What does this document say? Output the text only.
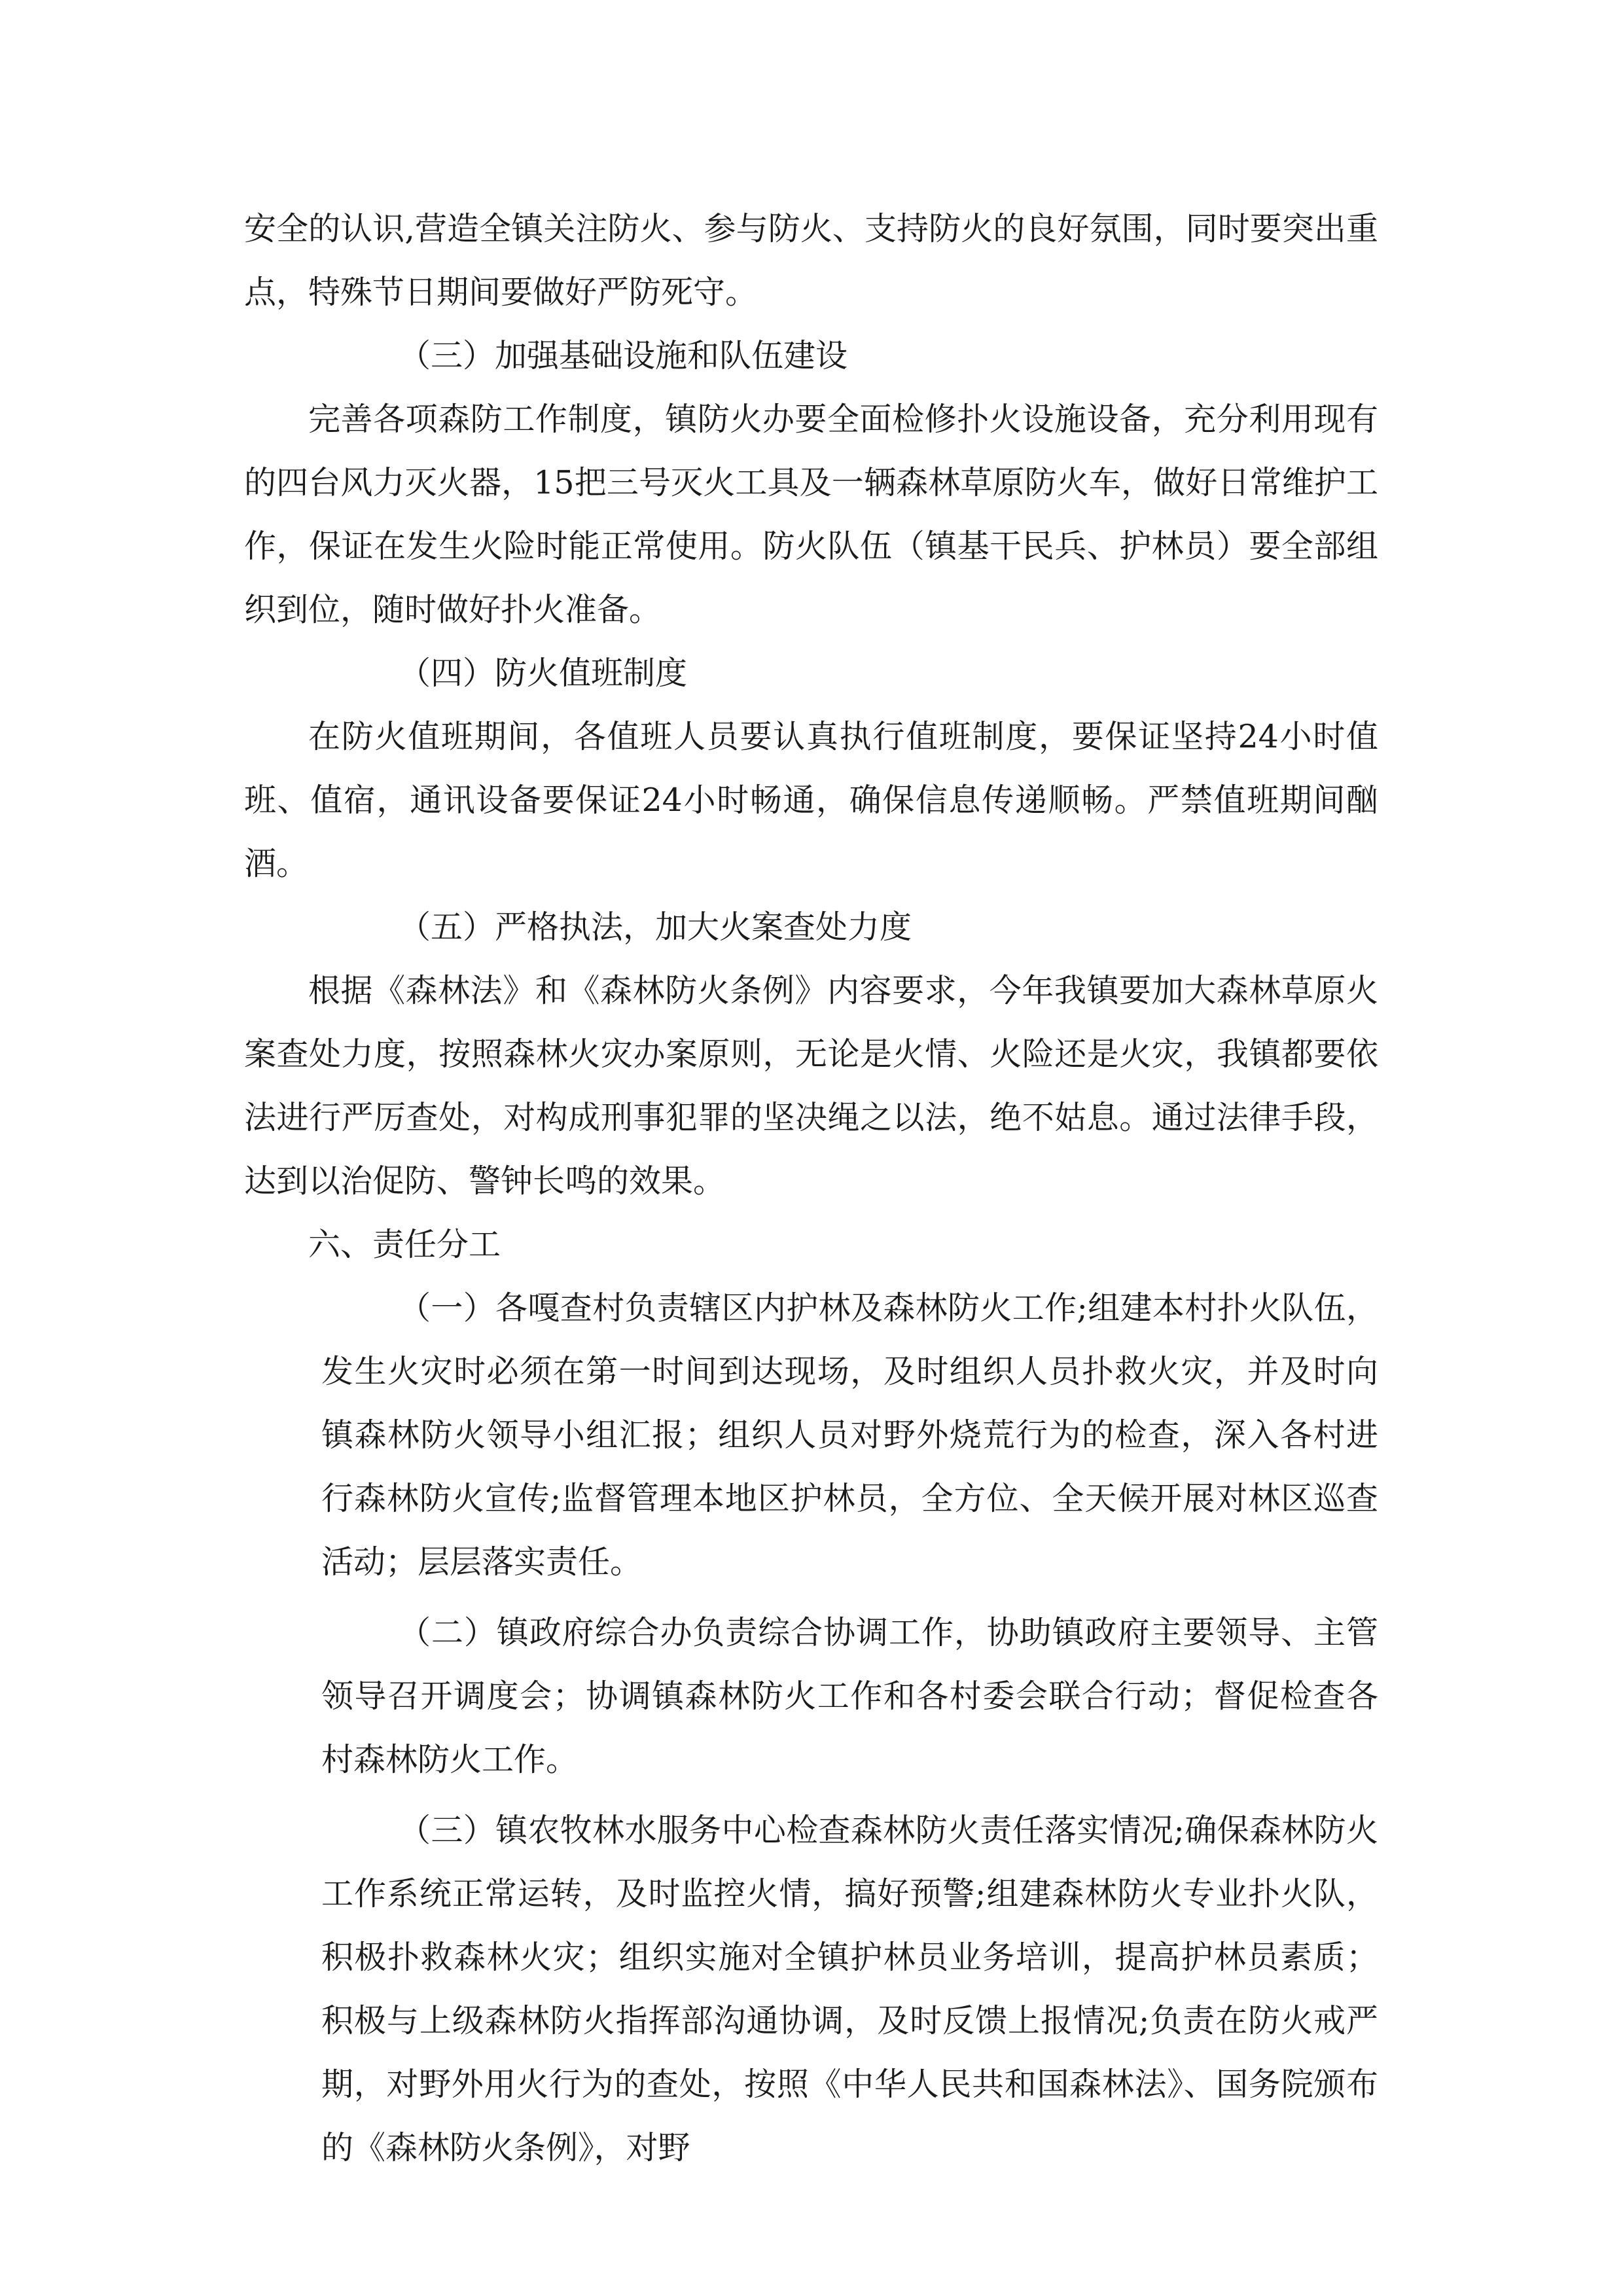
安全的认识,营造全镇关注防火、参与防火、支持防火的良好氛围，同时要突出重点，特殊节日期间要做好严防死守。

（三）加强基础设施和队伍建设

完善各项森防工作制度，镇防火办要全面检修扑火设施设备，充分利用现有的四台风力灭火器，15把三号灭火工具及一辆森林草原防火车，做好日常维护工作，保证在发生火险时能正常使用。防火队伍（镇基干民兵、护林员）要全部组织到位，随时做好扑火准备。

（四）防火值班制度

在防火值班期间，各值班人员要认真执行值班制度，要保证坚持24小时值班、值宿，通讯设备要保证24小时畅通，确保信息传递顺畅。严禁值班期间酗酒。

（五）严格执法，加大火案查处力度

根据《森林法》和《森林防火条例》内容要求，今年我镇要加大森林草原火案查处力度，按照森林火灾办案原则，无论是火情、火险还是火灾，我镇都要依法进行严厉查处，对构成刑事犯罪的坚决绳之以法，绝不姑息。通过法律手段，达到以治促防、警钟长鸣的效果。

六、责任分工

（一）各嘎查村负责辖区内护林及森林防火工作;组建本村扑火队伍，发生火灾时必须在第一时间到达现场，及时组织人员扑救火灾，并及时向镇森林防火领导小组汇报；组织人员对野外烧荒行为的检查，深入各村进行森林防火宣传;监督管理本地区护林员，全方位、全天候开展对林区巡查活动；层层落实责任。

（二）镇政府综合办负责综合协调工作，协助镇政府主要领导、主管领导召开调度会；协调镇森林防火工作和各村委会联合行动；督促检查各村森林防火工作。

（三）镇农牧林水服务中心检查森林防火责任落实情况;确保森林防火工作系统正常运转，及时监控火情，搞好预警;组建森林防火专业扑火队，积极扑救森林火灾；组织实施对全镇护林员业务培训，提高护林员素质；积极与上级森林防火指挥部沟通协调，及时反馈上报情况;负责在防火戒严期，对野外用火行为的查处，按照《中华人民共和国森林法》、国务院颁布的《森林防火条例》，对野
